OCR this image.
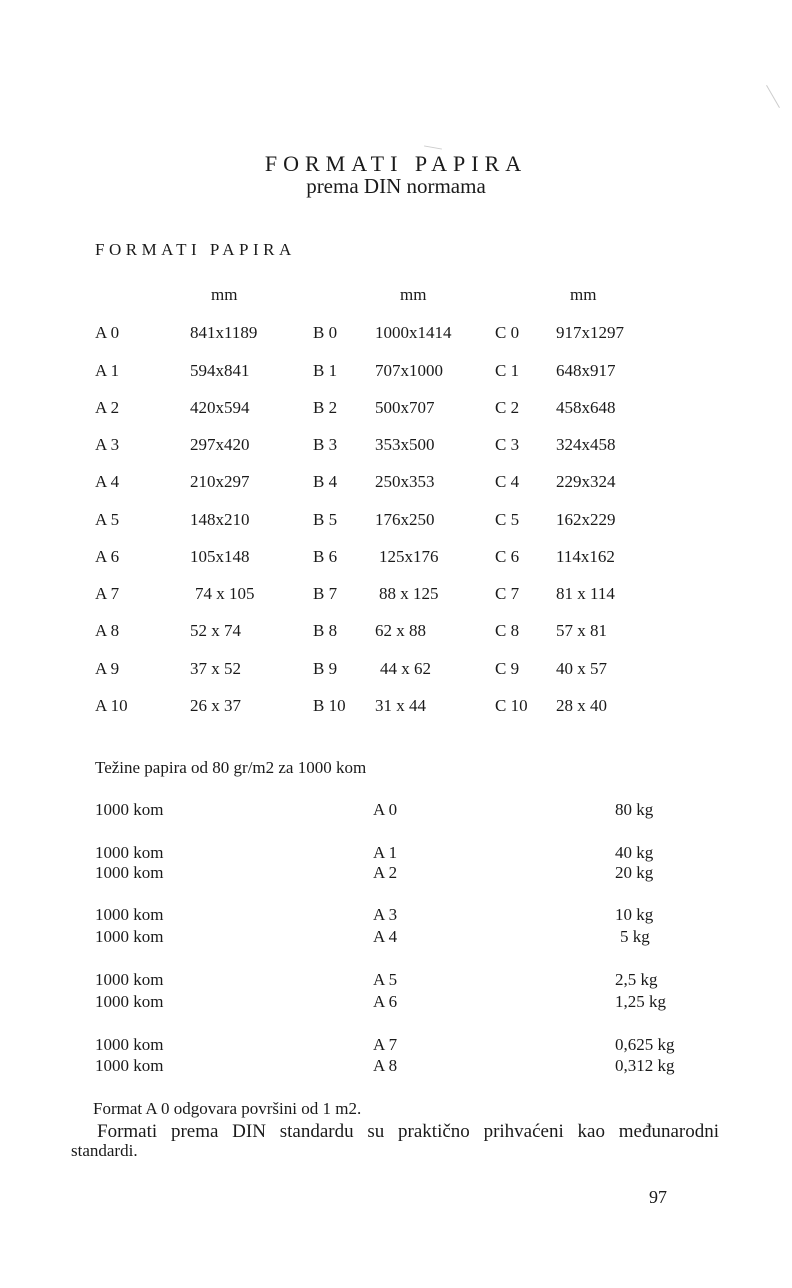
FORMATI PAPIRA
prema DIN normama
FORMATI PAPIRA
mm	mm	mm
A 0	841x1189	B 0 1000x1414	C 0 917x1297
A 1	594x841	B 1 707x1000	C 1 648x917
A 2	420x594	B 2 500x707	C 2 458x648
A 3	297x420	B 3 353x500	C 3 324x458
A 4	210x297	B 4 250x353	C 4 229x324
A 5	148x210	B 5 176x250	C 5 162x229
A 6	105x148	B 6 125x176	C 6 114x162
A 7	74 x 105	B 7 88 x 125	C 7 81 x 114
A 8	52 x 74	B 8 62 x 88	C 8 57 x 81
A 9	37 x 52	B 9	44 x 62	C 9 40 x 57
A 10	26 x 37	B 10 31 x 44	C 10 28 x 40
Težine papira od 80 gr/m2 za 1000 kom
1000 kom	A 0	80 kg
1000 kom	A 1	40 kg
1000 kom	A 2	20 kg
1000 kom	A 3	10 kg
1000 kom	A 4	5 kg
1000 kom	A 5	2,5 kg
1000 kom	A 6	1,25 kg
1000 kom	A 7	0,625 kg
1000 kom	A 8	0,312 kg
Format A 0 odgovara površini od 1 m2.
Formati prema DIN standardu su praktično prihvaćeni kao međunarodni
standardi.
97
